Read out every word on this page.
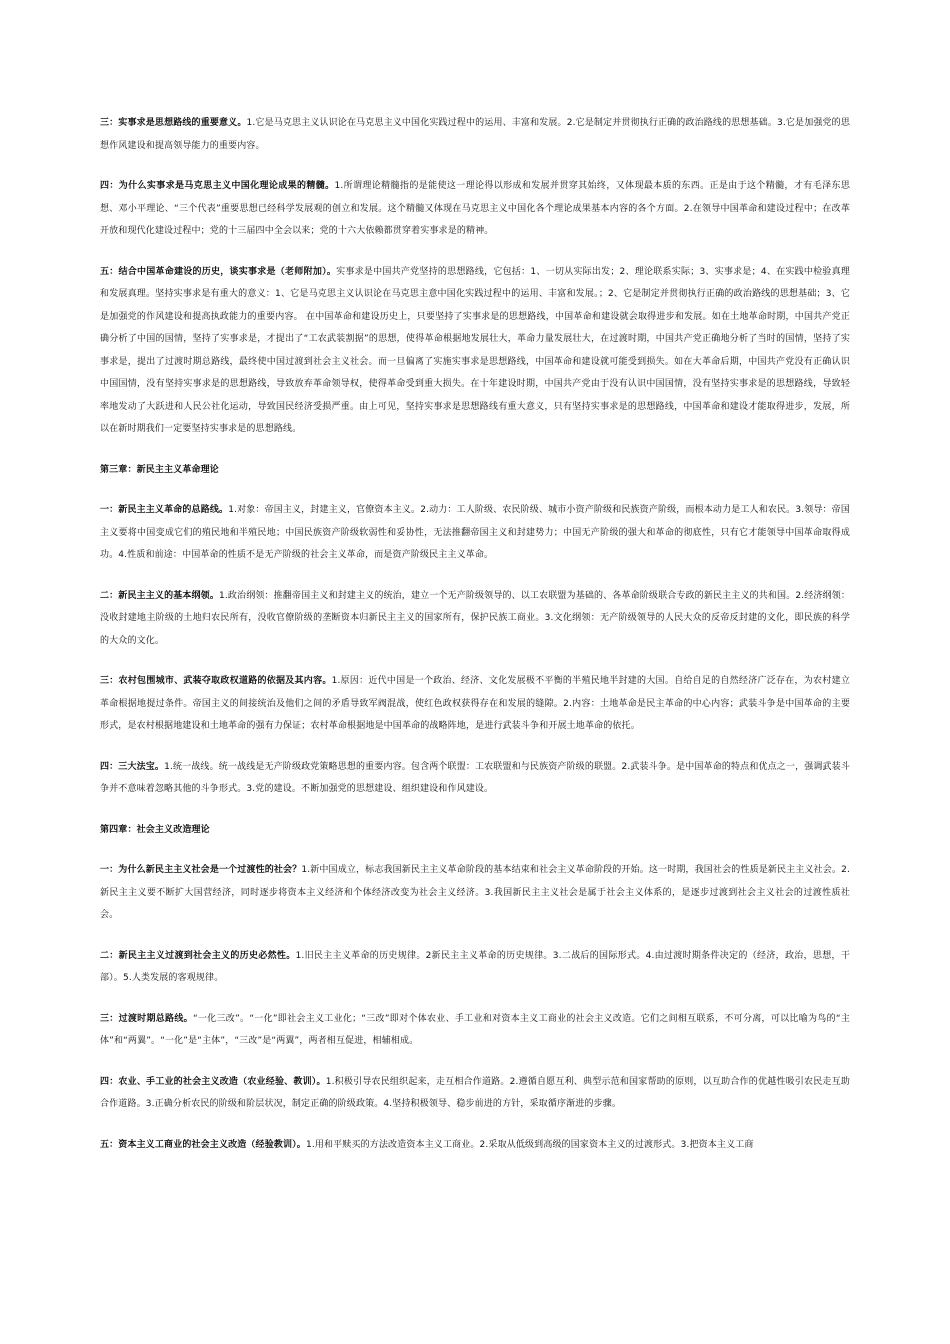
三：实事求是思想路线的重要意义。1.它是马克思主义认识论在马克思主义中国化实践过程中的运用、丰富和发展。2.它是制定并贯彻执行正确的政治路线的思想基础。3.它是加强党的思想作风建设和提高领导能力的重要内容。

四：为什么实事求是马克思主义中国化理论成果的精髓。1.所谓理论精髓指的是能使这一理论得以形成和发展并贯穿其始终，又体现最本质的东西。正是由于这个精髓，才有毛泽东思想、邓小平理论、“三个代表”重要思想已经科学发展观的创立和发展。这个精髓又体现在马克思主义中国化各个理论成果基本内容的各个方面。2.在领导中国革命和建设过程中；在改革开放和现代化建设过程中；党的十三届四中全会以来；党的十六大依赖都贯穿着实事求是的精神。

五：结合中国革命建设的历史，谈实事求是（老师附加）。实事求是中国共产党坚持的思想路线，它包括：1、一切从实际出发；2、理论联系实际；3、实事求是；4、在实践中检验真理和发展真理。坚持实事求是有重大的意义：1、它是马克思主义认识论在马克思主意中国化实践过程中的运用、丰富和发展。；2、它是制定并贯彻执行正确的政治路线的思想基础；3、它是加强党的作风建设和提高执政能力的重要内容。 在中国革命和建设历史上，只要坚持了实事求是的思想路线，中国革命和建设就会取得进步和发展。如在土地革命时期，中国共产党正确分析了中国的国情，坚持了实事求是，才提出了“工农武装割据”的思想，使得革命根据地发展壮大，革命力量发展壮大，在过渡时期，中国共产党正确地分析了当时的国情，坚持了实事求是，提出了过渡时期总路线，最终使中国过渡到社会主义社会。而一旦偏离了实施实事求是思想路线，中国革命和建设就可能受到损失。如在大革命后期，中国共产党没有正确认识中国国情，没有坚持实事求是的思想路线，导致放弃革命领导权，使得革命受到重大损失。在十年建设时期，中国共产党由于没有认识中国国情，没有坚持实事求是的思想路线，导致轻率地发动了大跃进和人民公社化运动，导致国民经济受损严重。由上可见，坚持实事求是思想路线有重大意义，只有坚持实事求是的思想路线，中国革命和建设才能取得进步，发展，所以在新时期我们一定要坚持实事求是的思想路线。

第三章：新民主主义革命理论

一：新民主主义革命的总路线。1.对象：帝国主义，封建主义，官僚资本主义。2.动力：工人阶级、农民阶级、城市小资产阶级和民族资产阶级，而根本动力是工人和农民。3.领导：帝国主义要将中国变成它们的殖民地和半殖民地；中国民族资产阶级软弱性和妥协性，无法推翻帝国主义和封建势力；中国无产阶级的强大和革命的彻底性，只有它才能领导中国革命取得成功。4.性质和前途：中国革命的性质不是无产阶级的社会主义革命，而是资产阶级民主主义革命。

二：新民主主义的基本纲领。1.政治纲领：推翻帝国主义和封建主义的统治，建立一个无产阶级领导的、以工农联盟为基础的、各革命阶级联合专政的新民主主义的共和国。2.经济纲领：没收封建地主阶级的土地归农民所有，没收官僚阶级的垄断资本归新民主主义的国家所有，保护民族工商业。3.文化纲领：无产阶级领导的人民大众的反帝反封建的文化，即民族的科学的大众的文化。

三：农村包围城市、武装夺取政权道路的依据及其内容。1.原因：近代中国是一个政治、经济、文化发展极不平衡的半殖民地半封建的大国。自给自足的自然经济广泛存在，为农村建立革命根据地提过条件。帝国主义的间接统治及他们之间的矛盾导致军阀混战，使红色政权获得存在和发展的缝隙。2.内容：土地革命是民主革命的中心内容；武装斗争是中国革命的主要形式，是农村根据地建设和土地革命的强有力保证；农村革命根据地是中国革命的战略阵地，是进行武装斗争和开展土地革命的依托。

四：三大法宝。1.统一战线。统一战线是无产阶级政党策略思想的重要内容。包含两个联盟：工农联盟和与民族资产阶级的联盟。2.武装斗争。是中国革命的特点和优点之一，强调武装斗争并不意味着忽略其他的斗争形式。3.党的建设。不断加强党的思想建设、组织建设和作风建设。

第四章：社会主义改造理论

一：为什么新民主主义社会是一个过渡性的社会？1.新中国成立，标志我国新民主主义革命阶段的基本结束和社会主义革命阶段的开始。这一时期，我国社会的性质是新民主主义社会。2.新民主主义要不断扩大国营经济，同时逐步将资本主义经济和个体经济改变为社会主义经济。3.我国新民主主义社会是属于社会主义体系的，是逐步过渡到社会主义社会的过渡性质社会。

二：新民主主义过渡到社会主义的历史必然性。1.旧民主主义革命的历史规律。2新民主主义革命的历史规律。3.二战后的国际形式。4.由过渡时期条件决定的（经济，政治，思想，干部）。5.人类发展的客观规律。

三：过渡时期总路线。“一化三改”。“一化”即社会主义工业化；“三改”即对个体农业、手工业和对资本主义工商业的社会主义改造。它们之间相互联系，不可分离，可以比喻为鸟的“主体”和“两翼”。“一化”是“主体”，“三改”是“两翼”，两者相互促进，相辅相成。

四：农业、手工业的社会主义改造（农业经验、教训）。1.积极引导农民组织起来，走互相合作道路。2.遵循自愿互利、典型示范和国家帮助的原则，以互助合作的优越性吸引农民走互助合作道路。3.正确分析农民的阶级和阶层状况，制定正确的阶级政策。4.坚持积极领导、稳步前进的方针，采取循序渐进的步骤。

五：资本主义工商业的社会主义改造（经验教训）。1.用和平赎买的方法改造资本主义工商业。2.采取从低级到高级的国家资本主义的过渡形式。3.把资本主义工商
